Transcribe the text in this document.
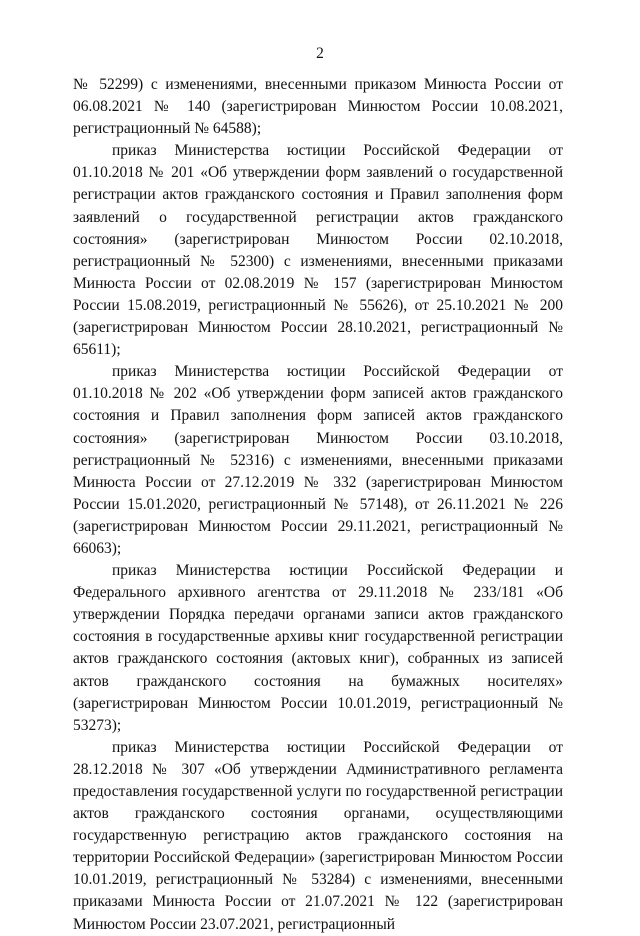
2

№ 52299) с изменениями, внесенными приказом Минюста России от 06.08.2021 № 140 (зарегистрирован Минюстом России 10.08.2021, регистрационный № 64588);

приказ Министерства юстиции Российской Федерации от 01.10.2018 № 201 «Об утверждении форм заявлений о государственной регистрации актов гражданского состояния и Правил заполнения форм заявлений о государственной регистрации актов гражданского состояния» (зарегистрирован Минюстом России 02.10.2018, регистрационный № 52300) с изменениями, внесенными приказами Минюста России от 02.08.2019 № 157 (зарегистрирован Минюстом России 15.08.2019, регистрационный № 55626), от 25.10.2021 № 200 (зарегистрирован Минюстом России 28.10.2021, регистрационный № 65611);

приказ Министерства юстиции Российской Федерации от 01.10.2018 № 202 «Об утверждении форм записей актов гражданского состояния и Правил заполнения форм записей актов гражданского состояния» (зарегистрирован Минюстом России 03.10.2018, регистрационный № 52316) с изменениями, внесенными приказами Минюста России от 27.12.2019 № 332 (зарегистрирован Минюстом России 15.01.2020, регистрационный № 57148), от 26.11.2021 № 226 (зарегистрирован Минюстом России 29.11.2021, регистрационный № 66063);

приказ Министерства юстиции Российской Федерации и Федерального архивного агентства от 29.11.2018 № 233/181 «Об утверждении Порядка передачи органами записи актов гражданского состояния в государственные архивы книг государственной регистрации актов гражданского состояния (актовых книг), собранных из записей актов гражданского состояния на бумажных носителях» (зарегистрирован Минюстом России 10.01.2019, регистрационный № 53273);

приказ Министерства юстиции Российской Федерации от 28.12.2018 № 307 «Об утверждении Административного регламента предоставления государственной услуги по государственной регистрации актов гражданского состояния органами, осуществляющими государственную регистрацию актов гражданского состояния на территории Российской Федерации» (зарегистрирован Минюстом России 10.01.2019, регистрационный № 53284) с изменениями, внесенными приказами Минюста России от 21.07.2021 № 122 (зарегистрирован Минюстом России 23.07.2021, регистрационный
